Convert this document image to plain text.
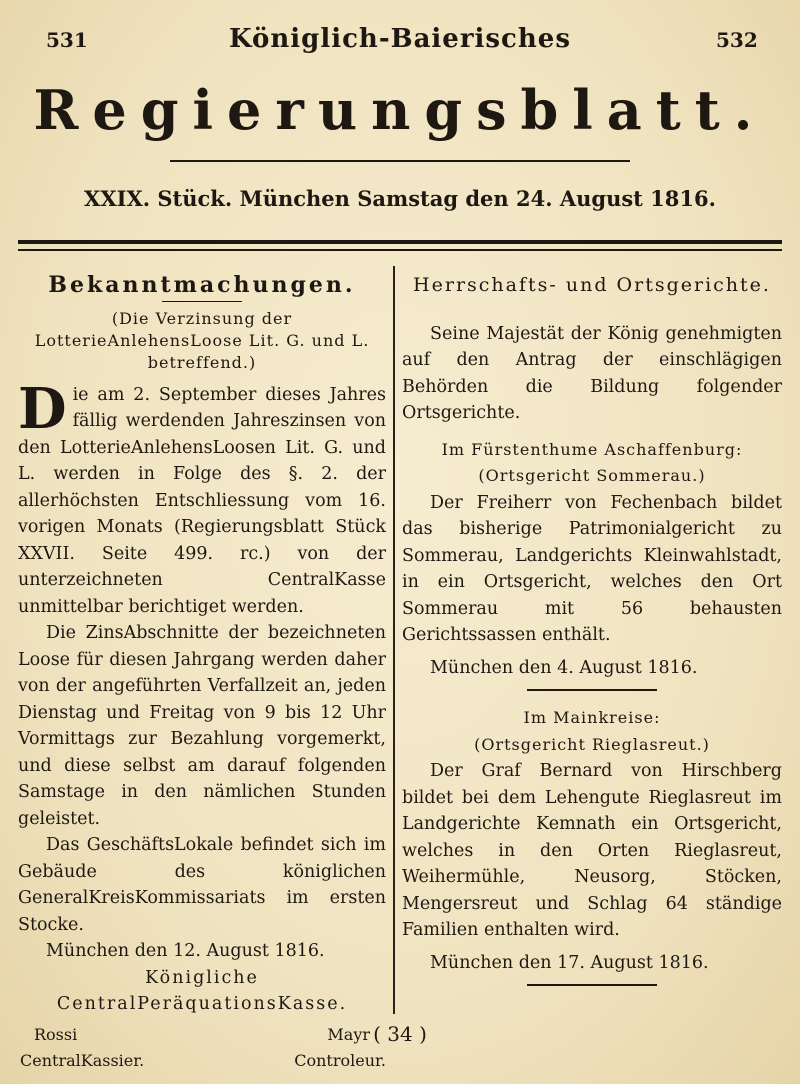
531	532
Königlich-Baierisches
Regierungsblatt.
XXIX. Stück. München Samstag den 24. August 1816.
Bekanntmachungen.
(Die Verzinsung der LotterieAnlehensLoose Lit. G. und L. betreffend.)

Die am 2. September dieses Jahres fällig werdenden Jahreszinsen von den LotterieAnlehensLoosen Lit. G. und L. werden in Folge des §. 2. der allerhöchsten Entschliessung vom 16. vorigen Monats (Regierungsblatt Stück XXVII. Seite 499. rc.) von der unterzeichneten CentralKasse unmittelbar berichtiget werden.

Die ZinsAbschnitte der bezeichneten Loose für diesen Jahrgang werden daher von der angeführten Verfallzeit an, jeden Dienstag und Freitag von 9 bis 12 Uhr Vormittags zur Bezahlung vorgemerkt, und diese selbst am darauf folgenden Samstage in den nämlichen Stunden geleistet.

Das GeschäftsLokale befindet sich im Gebäude des königlichen GeneralKreisKommissariats im ersten Stocke.

München den 12. August 1816.
Königliche CentralPeräquationsKasse.
Rossi	Mayr
CentralKassier.	Controleur.
Herrschafts- und Ortsgerichte.

Seine Majestät der König genehmigten auf den Antrag der einschlägigen Behörden die Bildung folgender Ortsgerichte.

Im Fürstenthume Aschaffenburg:
(Ortsgericht Sommerau.)

Der Freiherr von Fechenbach bildet das bisherige Patrimonialgericht zu Sommerau, Landgerichts Kleinwahlstadt, in ein Ortsgericht, welches den Ort Sommerau mit 56 behausten Gerichtssassen enthält.

München den 4. August 1816.
Im Mainkreise:
(Ortsgericht Rieglasreut.)

Der Graf Bernard von Hirschberg bildet bei dem Lehengute Rieglasreut im Landgerichte Kemnath ein Ortsgericht, welches in den Orten Rieglasreut, Weihermühle, Neusorg, Stöcken, Mengersreut und Schlag 64 ständige Familien enthalten wird.

München den 17. August 1816.
( 34 )
